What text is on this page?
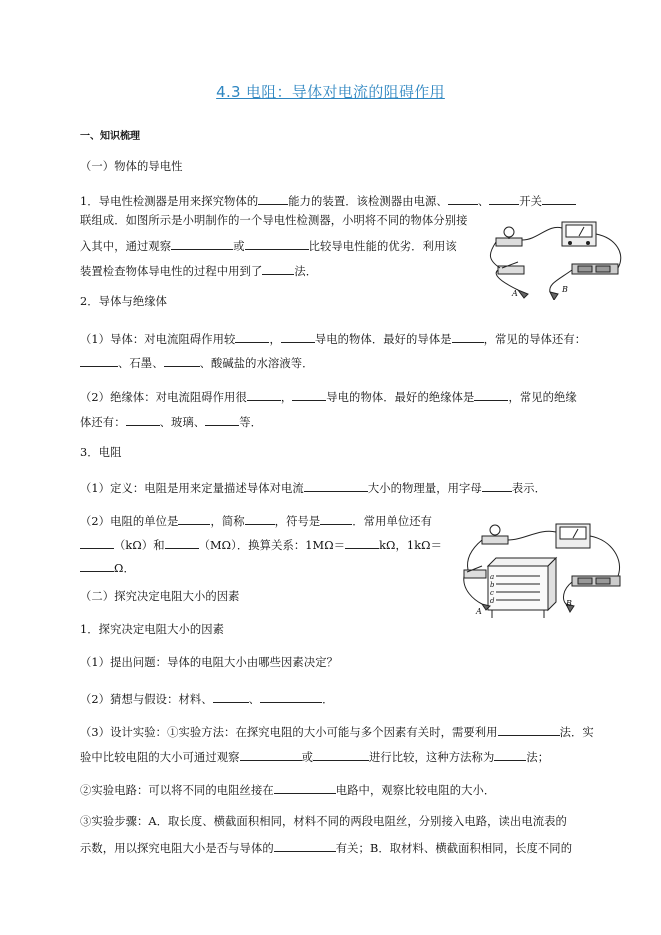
4.3 电阻：导体对电流的阻碍作用
一、知识梳理
（一）物体的导电性
1．导电性检测器是用来探究物体的	能力的装置．该检测器由电源、	、	开关
联组成．如图所示是小明制作的一个导电性检测器，小明将不同的物体分别接
入其中，通过观察	或	比较导电性能的优劣．利用该
装置检查物体导电性的过程中用到了	法．
A	B
2．导体与绝缘体
（1）导体：对电流阻碍作用较	，	导电的物体．最好的导体是	，常见的导体还有：
、石墨、	、酸碱盐的水溶液等．
（2）绝缘体：对电流阻碍作用很	，	导电的物体．最好的绝缘体是	，常见的绝缘
体还有：	、玻璃、	等．
3．电阻
（1）定义：电阻是用来定量描述导体对电流	大小的物理量，用字母	表示．
（2）电阻的单位是	，简称	，符号是	．常用单位还有
（kΩ）和	（MΩ）．换算关系：1MΩ＝	kΩ，1kΩ＝
Ω．
a
b
c
d
A
B
（二）探究决定电阻大小的因素
1．探究决定电阻大小的因素
（1）提出问题：导体的电阻大小由哪些因素决定？
（2）猜想与假设：材料、	、	．
（3）设计实验：①实验方法：在探究电阻的大小可能与多个因素有关时，需要利用	法．实
验中比较电阻的大小可通过观察	或	进行比较，这种方法称为	法；
②实验电路：可以将不同的电阻丝接在	电路中，观察比较电阻的大小．
③实验步骤：A．取长度、横截面积相同，材料不同的两段电阻丝，分别接入电路，读出电流表的
示数，用以探究电阻大小是否与导体的	有关；B．取材料、横截面积相同，长度不同的
